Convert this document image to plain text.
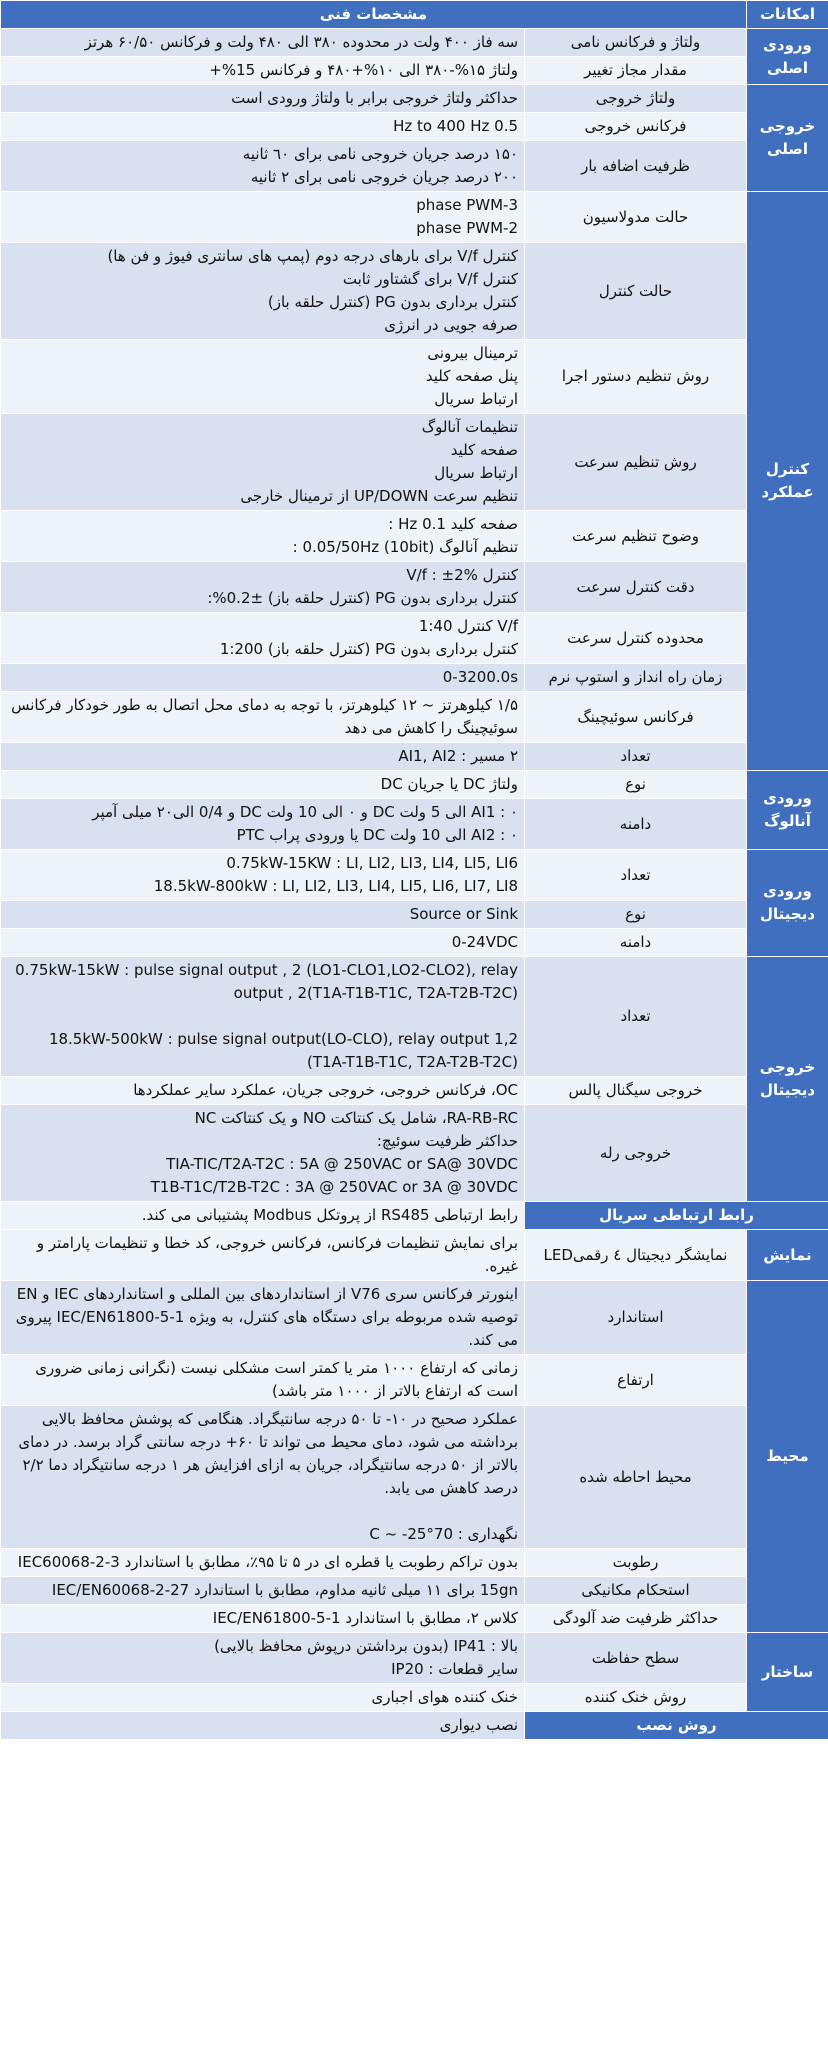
امکانات	مشخصات فنی	
ورودی
اصلی	ولتاژ و فرکانس نامی	سه فاز ۴۰۰ ولت در محدوده ۳۸۰ الی ۴۸۰ ولت و فرکانس ۶۰/۵۰ هرتز

	مقدار مجاز تغییر	ولتاژ ۱۵%-۳۸۰ الی ۱۰%+۴۸۰ و فرکانس 15%+

خروجی
اصلی	ولتاژ خروجی	حداکثر ولتاژ خروجی برابر با ولتاژ ورودی است

	فرکانس خروجی	0.5 Hz to 400 Hz

	ظرفیت اضافه بار	۱۵۰ درصد جریان خروجی نامی برای ٦۰ ثانیه
۲۰۰ درصد جریان خروجی نامی برای ۲ ثانیه

کنترل
عملکرد	حالت مدولاسیون	3-phase PWM
2-phase PWM

	حالت کنترل	کنترل V/f برای بارهای درجه دوم (پمپ های سانتری فیوژ و فن ها)
کنترل V/f برای گشتاور ثابت
کنترل برداری بدون PG (کنترل حلقه باز)
صرفه جویی در انرژی

	روش تنظیم دستور اجرا	ترمینال بیرونی
پنل صفحه کلید
ارتباط سریال

	روش تنظیم سرعت	تنظیمات آنالوگ
صفحه کلید
ارتباط سریال
تنظیم سرعت UP/DOWN از ترمینال خارجی

	وضوح تنظیم سرعت	صفحه کلید 0.1 Hz :
تنظیم آنالوگ (10bit) 0.05/50Hz :

	دقت کنترل سرعت	کنترل V/f : ±2%
کنترل برداری بدون PG (کنترل حلقه باز) ±0.2%:

	محدوده کنترل سرعت	V/f کنترل 1:40
کنترل برداری بدون PG (کنترل حلقه باز) 1:200

	زمان راه انداز و استوپ نرم	0-3200.0s

	فرکانس سوئیچینگ	۱/۵ کیلوهرتز ~ ۱۲ کیلوهرتز، با توجه به دمای محل اتصال به طور خودکار فرکانس سوئیچینگ را کاهش می دهد

	تعداد	۲ مسیر : AI1, AI2

ورودی
آنالوگ	نوع	ولتاژ DC یا جریان DC

	دامنه	AI1 : ۰ الی 5 ولت DC و ۰ الی 10 ولت DC و 0/4 الی۲۰ میلی آمپر
AI2 : ۰ الی 10 ولت DC یا ورودی پراب PTC

ورودی
دیجیتال	تعداد	0.75kW-15KW : LI, LI2, LI3, LI4, LI5, LI6
18.5kW-800kW : LI, LI2, LI3, LI4, LI5, LI6, LI7, LI8

	نوع	Source or Sink

	دامنه	0-24VDC

خروجی
دیجیتال	تعداد	0.75kW-15kW : pulse signal output , 2 (LO1-CLO1,LO2-CLO2), relay output , 2(T1A-T1B-T1C, T2A-T2B-T2C)

18.5kW-500kW : pulse signal output(LO-CLO), relay output 1,2 (T1A-T1B-T1C, T2A-T2B-T2C)

	خروجی سیگنال پالس	OC، فرکانس خروجی، خروجی جریان، عملکرد سایر عملکردها

	خروجی رله	RA-RB-RC، شامل یک کنتاکت NO و یک کنتاکت NC
حداکثر ظرفیت سوئیچ:
TIA-TIC/T2A-T2C : 5A @ 250VAC or SA@ 30VDC
T1B-T1C/T2B-T2C : 3A @ 250VAC or 3A @ 30VDC

رابط ارتباطی سریال		رابط ارتباطی RS485 از پروتکل Modbus پشتیبانی می کند.
نمایش	نمایشگر دیجیتال ٤ رقمیLED	برای نمایش تنظیمات فرکانس، فرکانس خروجی، کد خطا و تنظیمات پارامتر و غیره.

محیط	استاندارد	اینورتر فرکانس سری V76 از استانداردهای بین المللی و استانداردهای IEC و EN توصیه شده مربوطه برای دستگاه های کنترل، به ویژه IEC/EN61800-5-1 پیروی می کند.

	ارتفاع	زمانی که ارتفاع ۱۰۰۰ متر یا کمتر است مشکلی نیست (نگرانی زمانی ضروری است که ارتفاع بالاتر از ۱۰۰۰ متر باشد)

	محیط احاطه شده	عملکرد صحیح در ۱۰- تا ۵۰ درجه سانتیگراد. هنگامی که پوشش محافظ بالایی برداشته می شود، دمای محیط می تواند تا ۶۰+ درجه سانتی گراد برسد. در دمای بالاتر از ۵۰ درجه سانتیگراد، جریان به ازای افزایش هر ۱ درجه سانتیگراد دما ۲/۲ درصد کاهش می یابد.

نگهداری : 70°C ~ -25

	رطوبت	بدون تراکم رطوبت یا قطره ای در ۵ تا ۹۵٪، مطابق با استاندارد IEC60068-2-3

	استحکام مکانیکی	15gn برای ۱۱ میلی ثانیه مداوم، مطابق با استاندارد IEC/EN60068-2-27

	حداکثر ظرفیت ضد آلودگی	کلاس ۲، مطابق با استاندارد IEC/EN61800-5-1

ساختار	سطح حفاظت	بالا : IP41 (بدون برداشتن درپوش محافظ بالایی)
سایر قطعات : IP20

	روش خنک کننده	خنک کننده هوای اجباری

روش نصب		نصب دیواری
